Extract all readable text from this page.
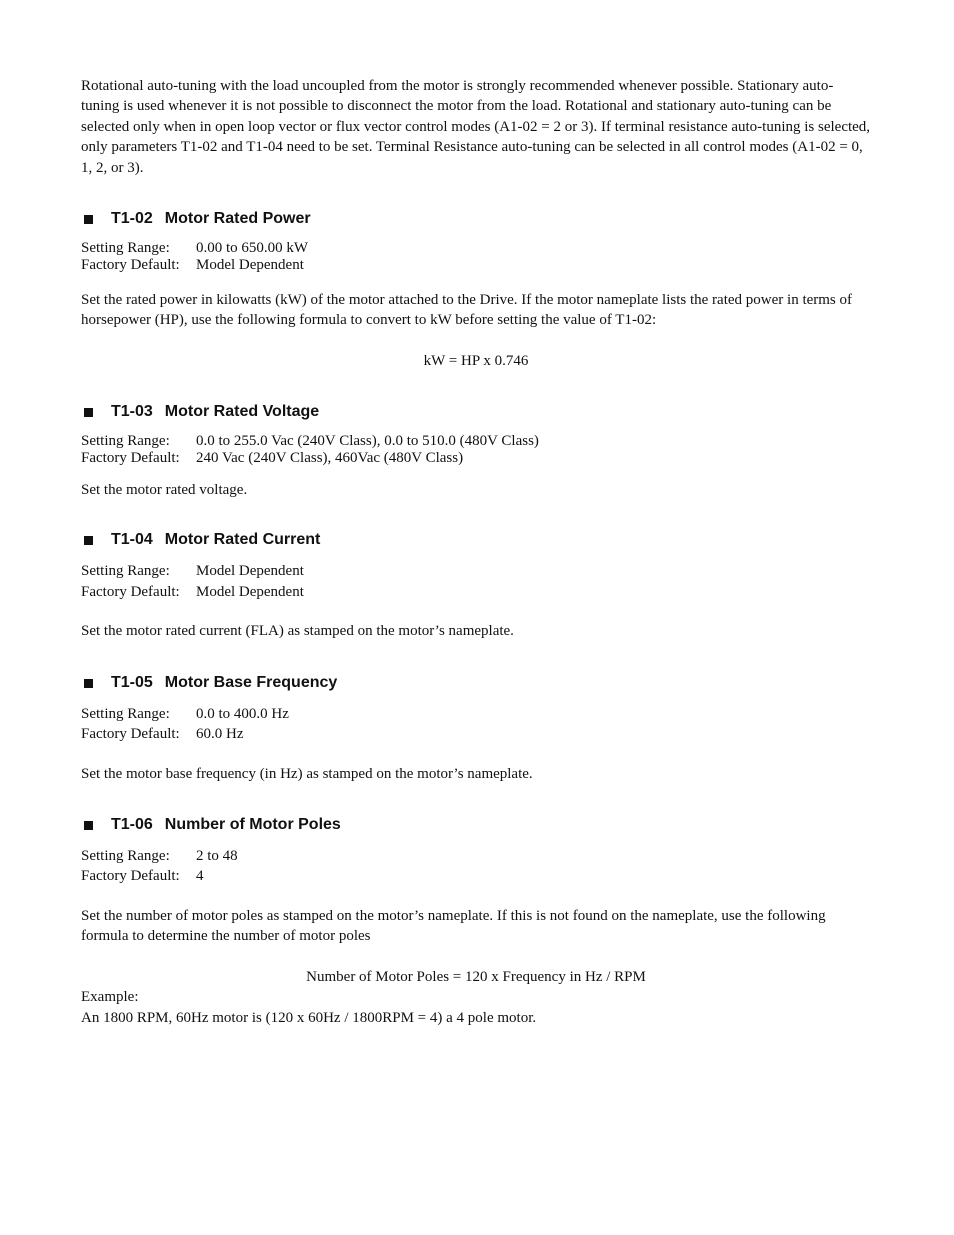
Rotational auto-tuning with the load uncoupled from the motor is strongly recommended whenever possible. Stationary auto-tuning is used whenever it is not possible to disconnect the motor from the load. Rotational and stationary auto-tuning can be selected only when in open loop vector or flux vector control modes (A1-02 = 2 or 3). If terminal resistance auto-tuning is selected, only parameters T1-02 and T1-04 need to be set. Terminal Resistance auto-tuning can be selected in all control modes (A1-02 = 0, 1, 2, or 3).

T1-02 Motor Rated Power
Setting Range:	0.00 to 650.00 kW
Factory Default:	Model Dependent

Set the rated power in kilowatts (kW) of the motor attached to the Drive. If the motor nameplate lists the rated power in terms of horsepower (HP), use the following formula to convert to kW before setting the value of T1-02:

kW = HP x 0.746

T1-03 Motor Rated Voltage
Setting Range:	0.0 to 255.0 Vac (240V Class), 0.0 to 510.0 (480V Class)
Factory Default:	240 Vac (240V Class), 460Vac (480V Class)

Set the motor rated voltage.

T1-04 Motor Rated Current
Setting Range:	Model Dependent
Factory Default:	Model Dependent

Set the motor rated current (FLA) as stamped on the motor’s nameplate.

T1-05 Motor Base Frequency
Setting Range:	0.0 to 400.0 Hz
Factory Default:	60.0 Hz

Set the motor base frequency (in Hz) as stamped on the motor’s nameplate.

T1-06 Number of Motor Poles
Setting Range:	2 to 48
Factory Default:	4

Set the number of motor poles as stamped on the motor’s nameplate. If this is not found on the nameplate, use the following formula to determine the number of motor poles

Number of Motor Poles = 120 x Frequency in Hz / RPM

Example:

An 1800 RPM, 60Hz motor is (120 x 60Hz / 1800RPM = 4) a 4 pole motor.
